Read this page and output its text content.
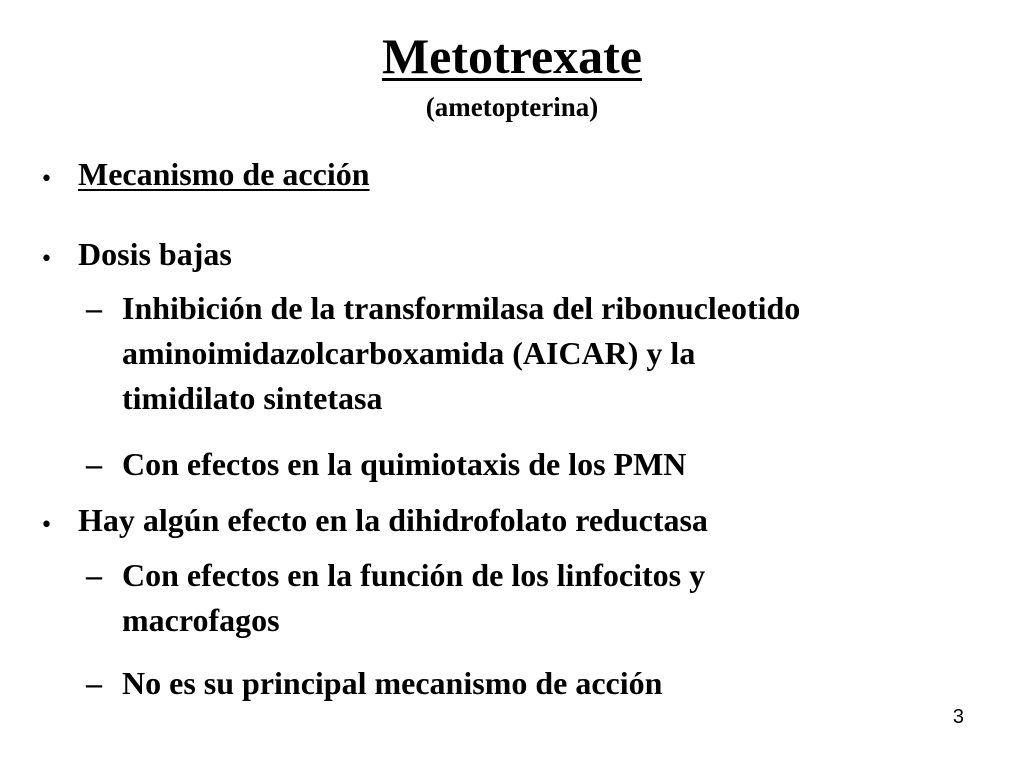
Metotrexate
(ametopterina)
• Mecanismo de acción
• Dosis bajas
– Inhibición de la transformilasa del ribonucleotido
aminoimidazolcarboxamida (AICAR) y la
timidilato sintetasa
– Con efectos en la quimiotaxis de los PMN
• Hay algún efecto en la dihidrofolato reductasa
– Con efectos en la función de los linfocitos y
macrofagos
– No es su principal mecanismo de acción
3
